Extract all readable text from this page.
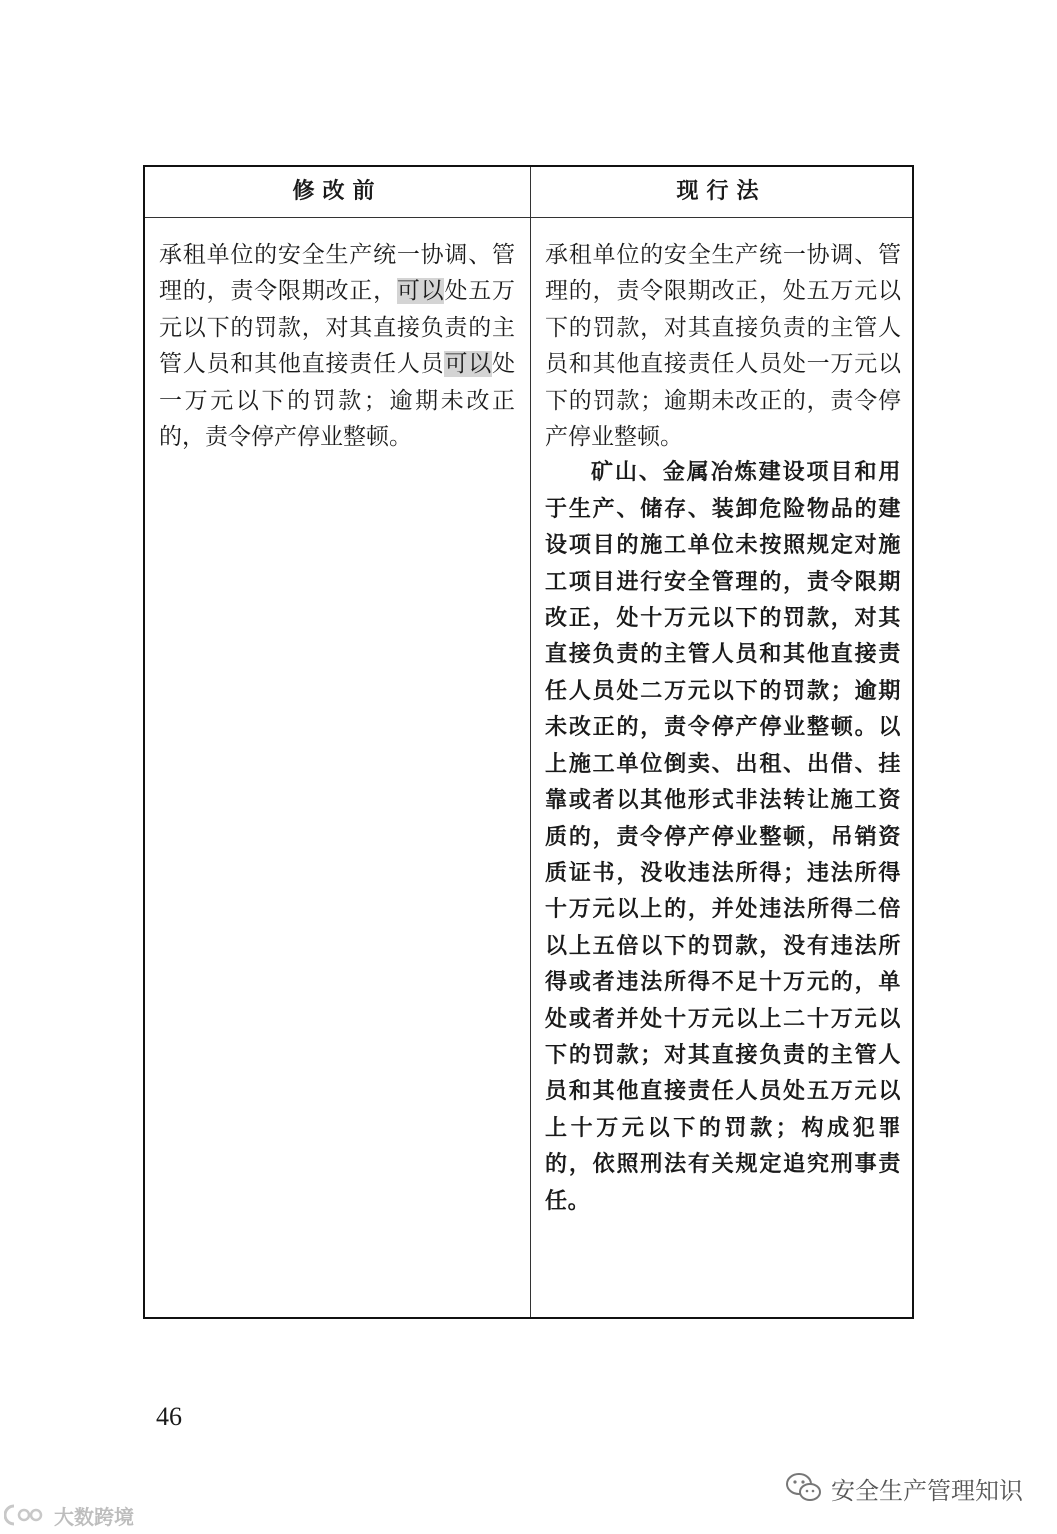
修改前	现行法

承租单位的安全生产统一协调、管理的，责令限期改正，可以处五万元以下的罚款，对其直接负责的主管人员和其他直接责任人员可以处一万元以下的罚款；逾期未改正的，责令停产停业整顿。

承租单位的安全生产统一协调、管理的，责令限期改正，处五万元以下的罚款，对其直接负责的主管人员和其他直接责任人员处一万元以下的罚款；逾期未改正的，责令停产停业整顿。

矿山、金属冶炼建设项目和用于生产、储存、装卸危险物品的建设项目的施工单位未按照规定对施工项目进行安全管理的，责令限期改正，处十万元以下的罚款，对其直接负责的主管人员和其他直接责任人员处二万元以下的罚款；逾期未改正的，责令停产停业整顿。以上施工单位倒卖、出租、出借、挂靠或者以其他形式非法转让施工资质的，责令停产停业整顿，吊销资质证书，没收违法所得；违法所得十万元以上的，并处违法所得二倍以上五倍以下的罚款，没有违法所得或者违法所得不足十万元的，单处或者并处十万元以上二十万元以下的罚款；对其直接负责的主管人员和其他直接责任人员处五万元以上十万元以下的罚款；构成犯罪的，依照刑法有关规定追究刑事责任。

46
安全生产管理知识
大数跨境
